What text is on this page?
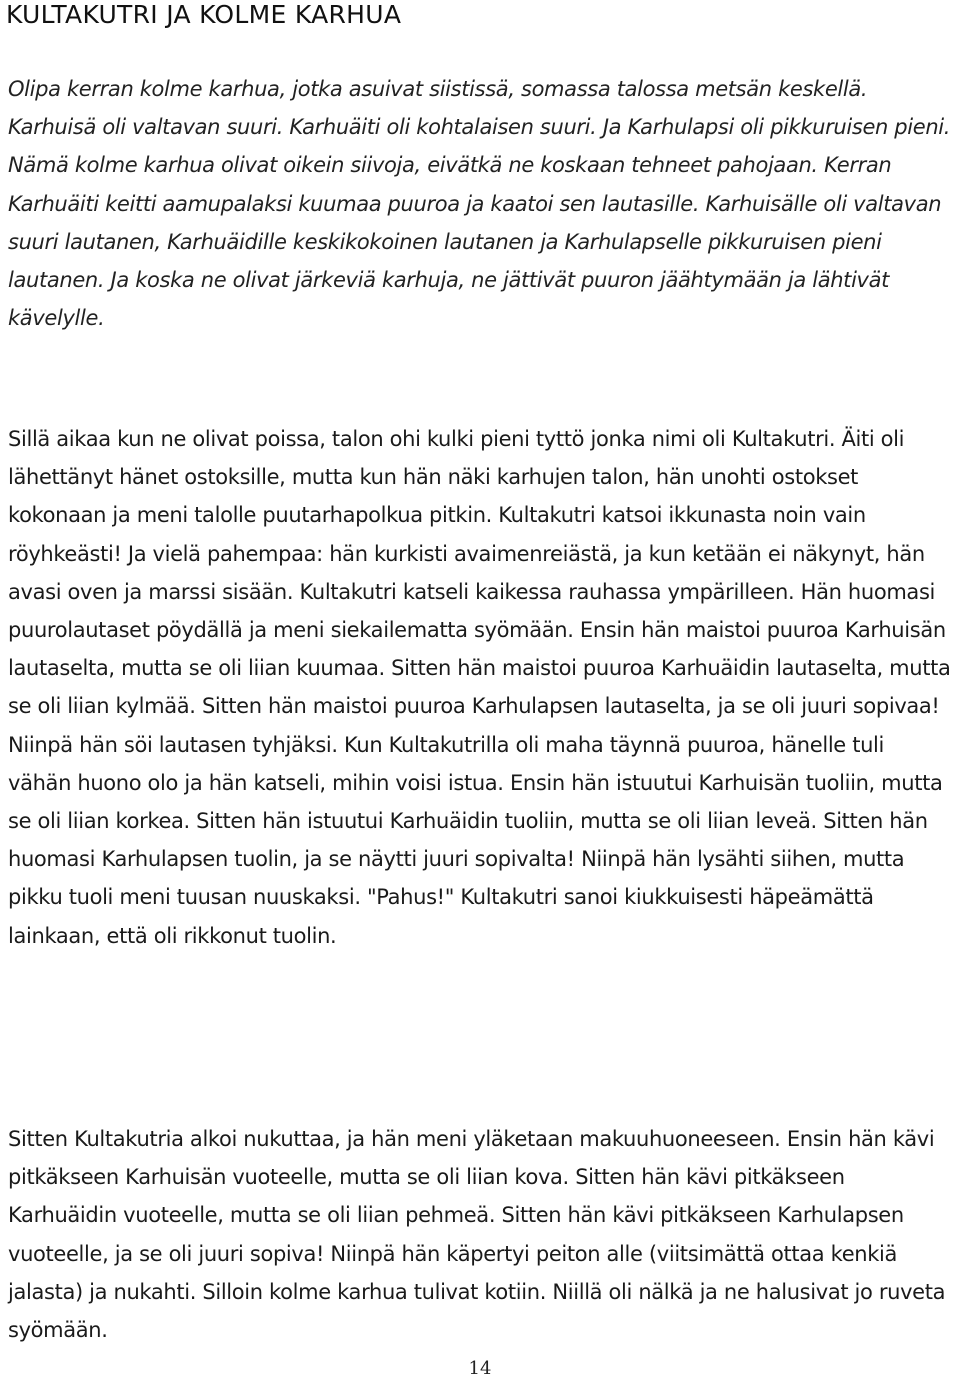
KULTAKUTRI JA KOLME KARHUA

Olipa kerran kolme karhua, jotka asuivat siistissä, somassa talossa metsän keskellä. Karhuisä oli valtavan suuri. Karhuäiti oli kohtalaisen suuri. Ja Karhulapsi oli pikkuruisen pieni. Nämä kolme karhua olivat oikein siivoja, eivätkä ne koskaan tehneet pahojaan. Kerran Karhuäiti keitti aamupalaksi kuumaa puuroa ja kaatoi sen lautasille. Karhuisälle oli valtavan suuri lautanen, Karhuäidille keskikokoinen lautanen ja Karhulapselle pikkuruisen pieni lautanen. Ja koska ne olivat järkeviä karhuja, ne jättivät puuron jäähtymään ja lähtivät kävelylle.

Sillä aikaa kun ne olivat poissa, talon ohi kulki pieni tyttö jonka nimi oli Kultakutri. Äiti oli lähettänyt hänet ostoksille, mutta kun hän näki karhujen talon, hän unohti ostokset kokonaan ja meni talolle puutarhapolkua pitkin. Kultakutri katsoi ikkunasta noin vain röyhkeästi! Ja vielä pahempaa: hän kurkisti avaimenreiästä, ja kun ketään ei näkynyt, hän avasi oven ja marssi sisään. Kultakutri katseli kaikessa rauhassa ympärilleen. Hän huomasi puurolautaset pöydällä ja meni siekailematta syömään. Ensin hän maistoi puuroa Karhuisän lautaselta, mutta se oli liian kuumaa. Sitten hän maistoi puuroa Karhuäidin lautaselta, mutta se oli liian kylmää. Sitten hän maistoi puuroa Karhulapsen lautaselta, ja se oli juuri sopivaa! Niinpä hän söi lautasen tyhjäksi. Kun Kultakutrilla oli maha täynnä puuroa, hänelle tuli vähän huono olo ja hän katseli, mihin voisi istua. Ensin hän istuutui Karhuisän tuoliin, mutta se oli liian korkea. Sitten hän istuutui Karhuäidin tuoliin, mutta se oli liian leveä. Sitten hän huomasi Karhulapsen tuolin, ja se näytti juuri sopivalta! Niinpä hän lysähti siihen, mutta pikku tuoli meni tuusan nuuskaksi. "Pahus!" Kultakutri sanoi kiukkuisesti häpeämättä lainkaan, että oli rikkonut tuolin.

Sitten Kultakutria alkoi nukuttaa, ja hän meni yläketaan makuuhuoneeseen. Ensin hän kävi pitkäkseen Karhuisän vuoteelle, mutta se oli liian kova. Sitten hän kävi pitkäkseen Karhuäidin vuoteelle, mutta se oli liian pehmeä. Sitten hän kävi pitkäkseen Karhulapsen vuoteelle, ja se oli juuri sopiva! Niinpä hän käpertyi peiton alle (viitsimättä ottaa kenkiä jalasta) ja nukahti. Silloin kolme karhua tulivat kotiin. Niillä oli nälkä ja ne halusivat jo ruveta syömään.

14
